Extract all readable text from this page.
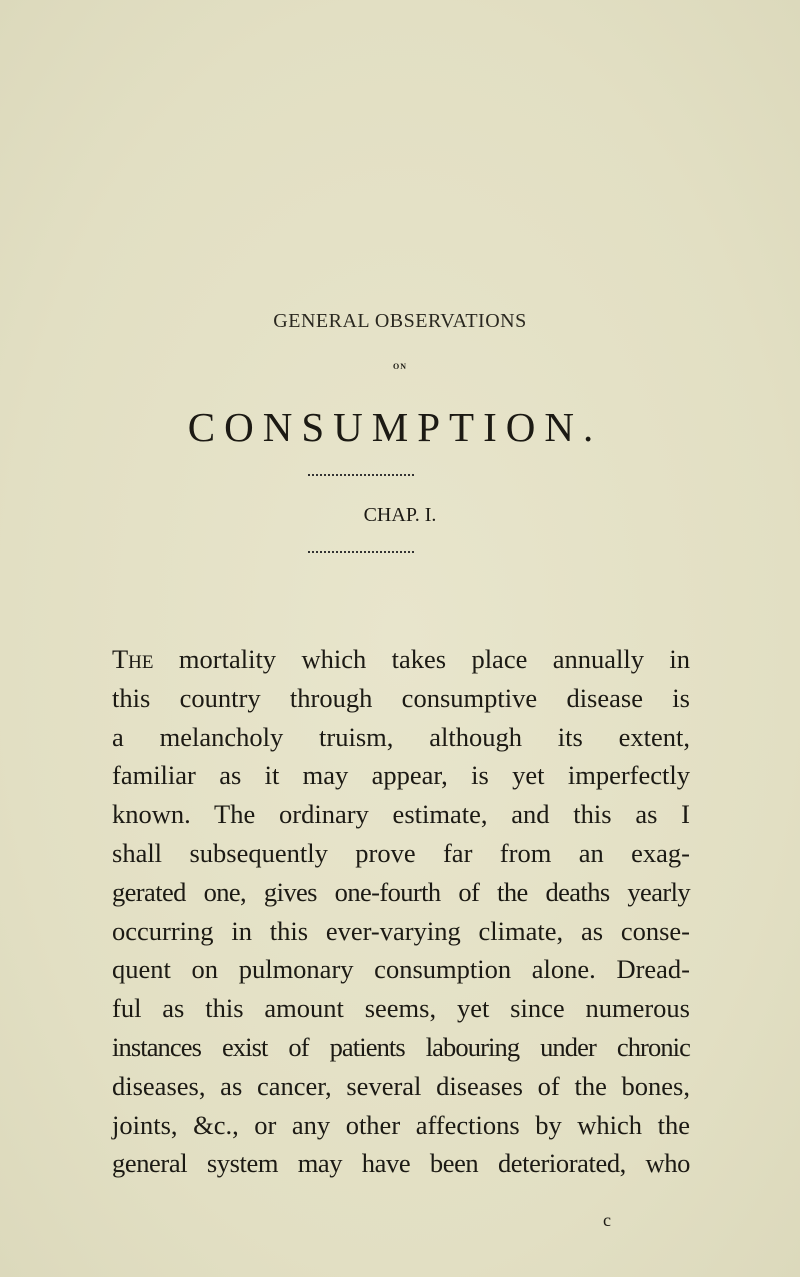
GENERAL OBSERVATIONS
ON
CONSUMPTION.
CHAP. I.
The mortality which takes place annually in
this country through consumptive disease is
a melancholy truism, although its extent,
familiar as it may appear, is yet imperfectly
known. The ordinary estimate, and this as I
shall subsequently prove far from an exag-
gerated one, gives one-fourth of the deaths yearly
occurring in this ever-varying climate, as conse-
quent on pulmonary consumption alone. Dread-
ful as this amount seems, yet since numerous
instances exist of patients labouring under chronic
diseases, as cancer, several diseases of the bones,
joints, &c., or any other affections by which the
general system may have been deteriorated, who
c
